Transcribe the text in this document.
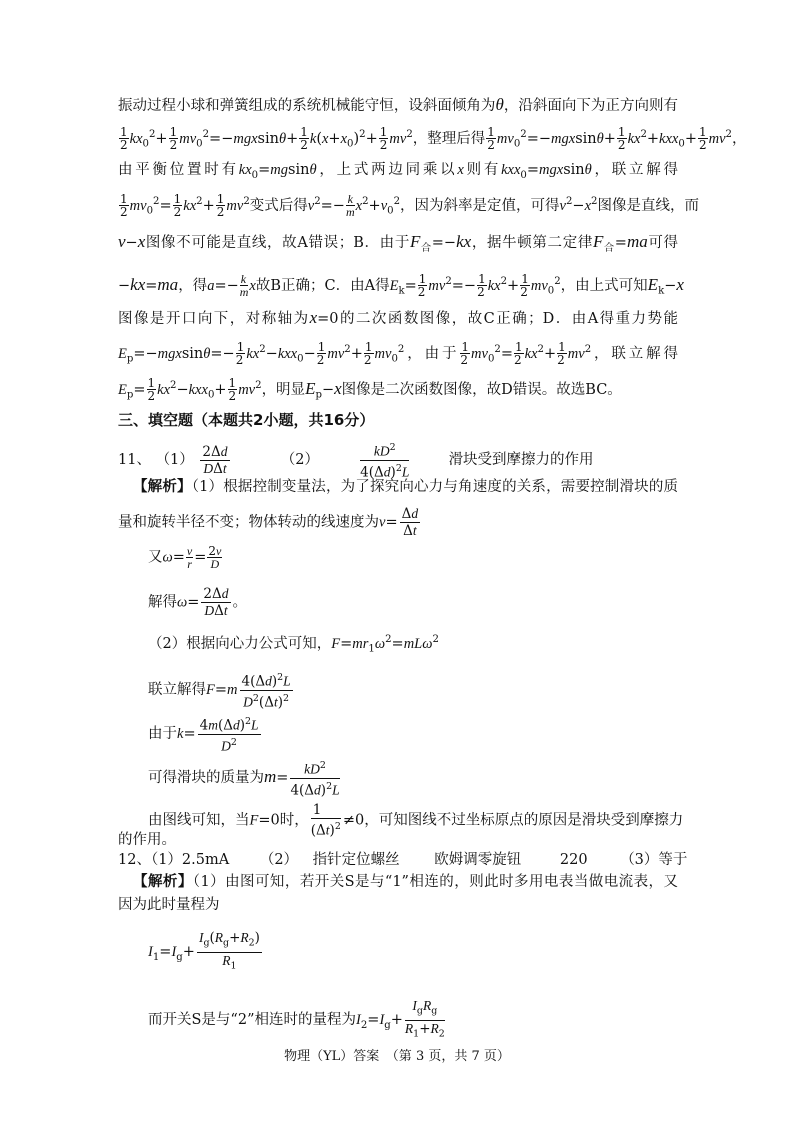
振动过程小球和弹簧组成的系统机械能守恒，设斜面倾角为θ，沿斜面向下为正方向则有
$\frac{1}{2} kx_0^2+ \frac{1}{2} mv_0^2=-mgxsin\theta+ \frac{1}{2} k(x+x_0)^2+ \frac{1}{2} mv^2$，整理后得 $\frac{1}{2} mv_0^2=-mgxsin\theta+ \frac{1}{2} kx^2+kxx_0+ \frac{1}{2} mv^2$，
由平衡位置时有$kx_0=mgsin\theta$，上式两边同乘以x则有kxx$_0$=mgxsinθ，联立解得
$\frac{1}{2} mv_0^2= \frac{1}{2} kx^2+ \frac{1}{2} mv^2$变式后得$v^2=- \frac{k}{m} x^2+v_0^2$，因为斜率是定值，可得$v^2-x^2$图像是直线，而
v−x图像不可能是直线，故A错误；B．由于$F_合=-kx$，据牛顿第二定律$F_合=ma$可得
−kx=ma，得$a=- \frac{k}{m}$ x故B正确；C．由A得$E_k= \frac{1}{2} mv^2=- \frac{1}{2} kx^2+ \frac{1}{2} mv_0^2$，由上式可知$E_k-x$
图像是开口向下，对称轴为x=0的二次函数图像，故C正确；D．由A得重力势能
$E_p=-mgxsin\theta=- \frac{1}{2} kx^2-kxx_0- \frac{1}{2} mv^2+ \frac{1}{2} mv_0^2$，由于 $\frac{1}{2} mv_0^2= \frac{1}{2} kx^2+ \frac{1}{2} mv^2$，联立解得
$E_p= \frac{1}{2} kx^2-kxx_0+ \frac{1}{2} mv^2$，明显$E_p-x$图像是二次函数图像，故D错误。故选BC。
三、填空题（本题共2小题，共16分）
11、 $(1) \frac{2\Delta d}{\text{DΔt}}$	（2）	$\frac{kD^2}{4(\Delta d)^2L}$	滑块受到摩擦力的作用
【解析】（1）根据控制变量法，为了探究向心力与角速度的关系，需要控制滑块的质
量和旋转半径不变；物体转动的线速度为$v= \frac{\Delta d}{\Delta t}$
又$\omega= \frac{v}{r} = \frac{2v}{D}$
解得$\omega= \frac{2\Delta d}{\text{DΔt}}$ 。
（2）根据向心力公式可知，$F=mr_1\omega^2=mL\omega^2$
联立解得$F=m \frac{4(\Delta d)^2L}{D^2(\Delta t)^2}$
由于$k= \frac{4m(\Delta d)^2L}{D^2}$
可得滑块的质量为$m= \frac{kD^2}{4(\Delta d)^2L}$
由图线可知，当F=0时， $\frac{1}{(\Delta t)^2} \ne 0$，可知图线不过坐标原点的原因是滑块受到摩擦力
的作用。
12、（1）2.5mA （2） 指针定位螺丝 欧姆调零旋钮	220 （3）等于
【解析】（1）由图可知，若开关S是与“1”相连的，则此时多用电表当做电流表，又
因为此时量程为
$I_1=I_g+ \frac{I_g(R_g+R_2)}{R_1}$
而开关S是与“2”相连时的量程为$I_2=I_g+ \frac{I_gR_g}{R_1+R_2}$
物理（YL）答案　（第 3 页，共 7 页）
